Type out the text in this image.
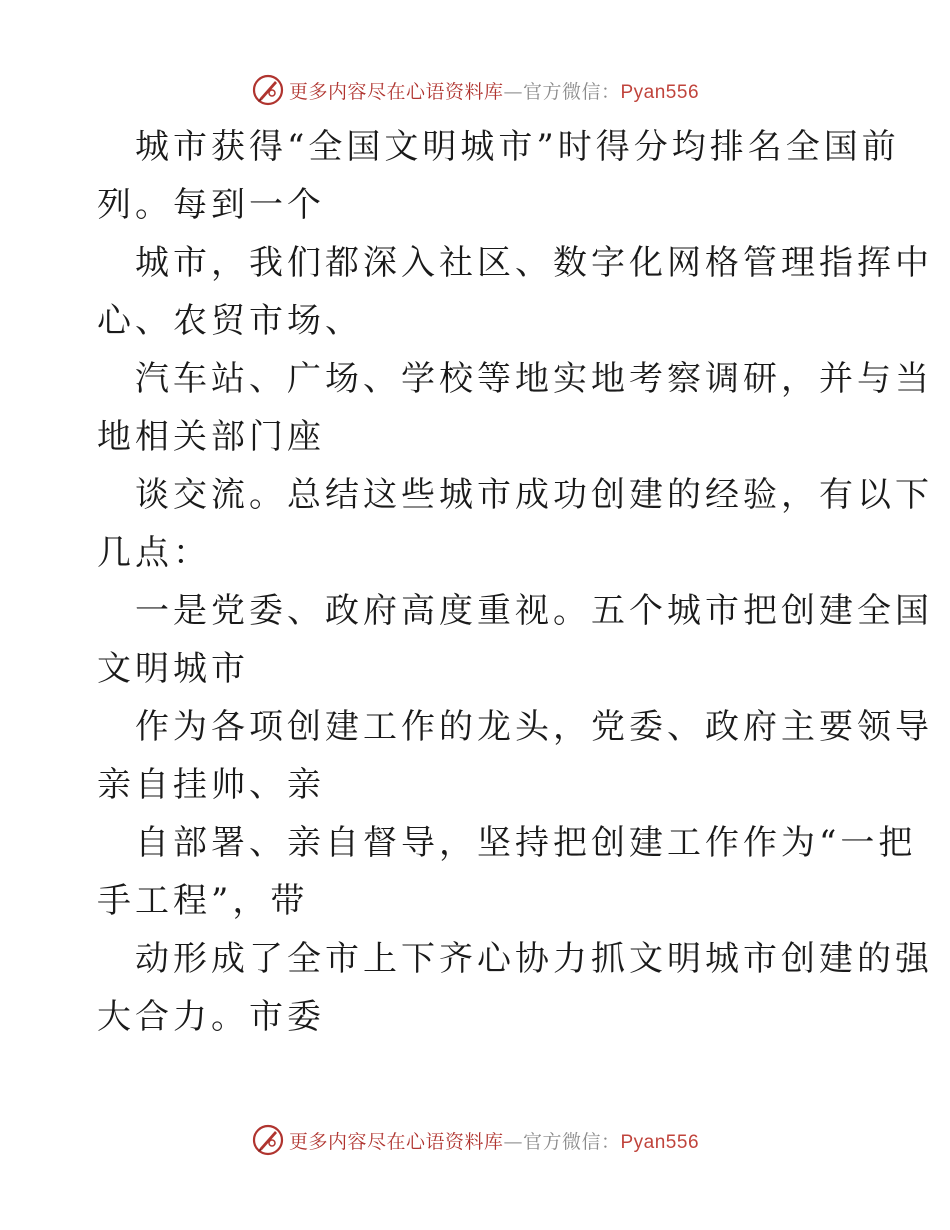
更多内容尽在心语资料库—官方微信：Pyan556

城市获得“全国文明城市”时得分均排名全国前
列。每到一个

城市，我们都深入社区、数字化网格管理指挥中
心、农贸市场、

汽车站、广场、学校等地实地考察调研，并与当
地相关部门座

谈交流。总结这些城市成功创建的经验，有以下
几点：

一是党委、政府高度重视。五个城市把创建全国
文明城市

作为各项创建工作的龙头，党委、政府主要领导
亲自挂帅、亲

自部署、亲自督导，坚持把创建工作作为“一把
手工程”，带

动形成了全市上下齐心协力抓文明城市创建的强
大合力。市委

更多内容尽在心语资料库—官方微信：Pyan556
